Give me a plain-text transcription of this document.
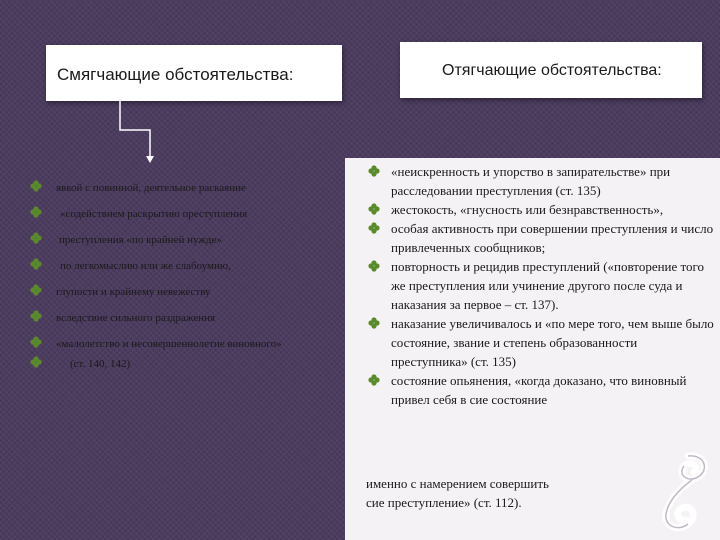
Смягчающие обстоятельства:	Отягчающие обстоятельства:
явкой с повинной, деятельное раскаяние
«содействием раскрытию преступления
преступления «по крайней нужде»
по легкомыслию или же слабоумию,
глупости и крайнему невежеству
вследствие сильного раздражения
«малолетство и несовершеннолетие виновного»
(ст. 140, 142)
«неискренность и упорство в запирательстве» при расследовании преступления (ст. 135)
жестокость, «гнусность или безнравственность»,
особая активность при совершении преступления и число привлеченных сообщников;
повторность и рецидив преступлений («повторение того же преступления или учинение другого после суда и наказания за первое – ст. 137).
наказание увеличивалось и «по мере того, чем выше было состояние, звание и степень образованности преступника» (ст. 135)
состояние опьянения, «когда доказано, что виновный привел себя в сие состояние
именно с намерением совершить
сие преступление» (ст. 112).
